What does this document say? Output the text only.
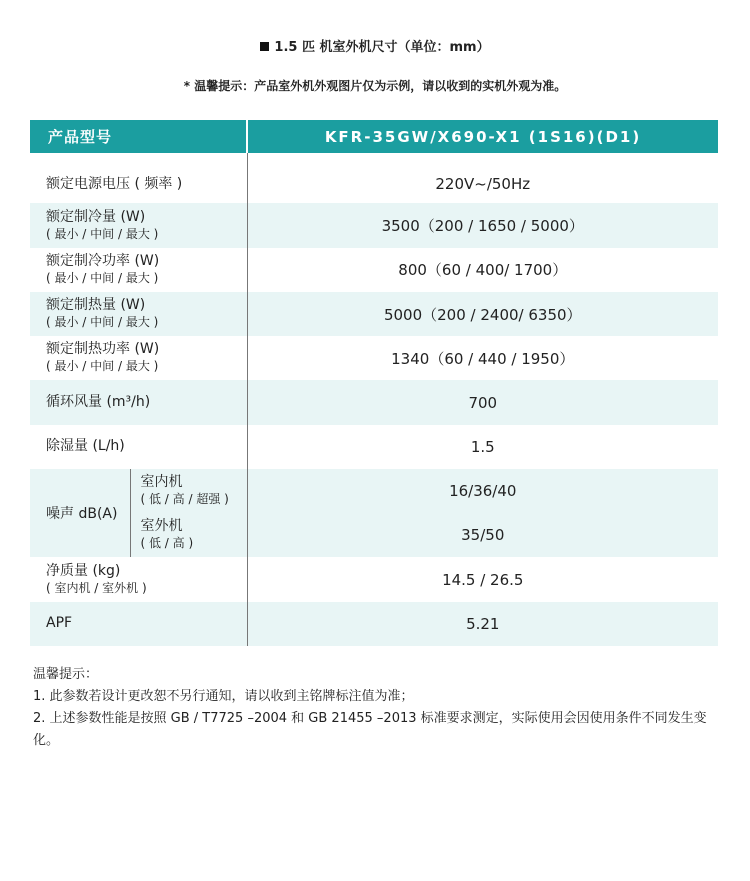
1.5 匹 机室外机尺寸（单位：mm）
* 温馨提示：产品室外机外观图片仅为示例，请以收到的实机外观为准。
产品型号		KFR-35GW/X690-X1 (1S16)(D1)

额定电源电压 ( 频率 )		220V~/50Hz
额定制冷量 (W)
( 最小 / 中间 / 最大 )		3500（200 / 1650 / 5000）
额定制冷功率 (W)
( 最小 / 中间 / 最大 )		800（60 / 400/ 1700）
额定制热量 (W)
( 最小 / 中间 / 最大 )		5000（200 / 2400/ 6350）
额定制热功率 (W)
( 最小 / 中间 / 最大 )		1340（60 / 440 / 1950）
循环风量 (m³/h)		700
除湿量 (L/h)		1.5
噪声 dB(A)	室内机
( 低 / 高 / 超强 )	16/36/40
	室外机
( 低 / 高 )	35/50
净质量 (kg)
( 室内机 / 室外机 )		14.5 / 26.5
APF		5.21

温馨提示：

1. 此参数若设计更改恕不另行通知，请以收到主铭牌标注值为准；

2. 上述参数性能是按照 GB / T7725 –2004 和 GB 21455 –2013 标准要求测定，实际使用会因使用条件不同发生变化。
